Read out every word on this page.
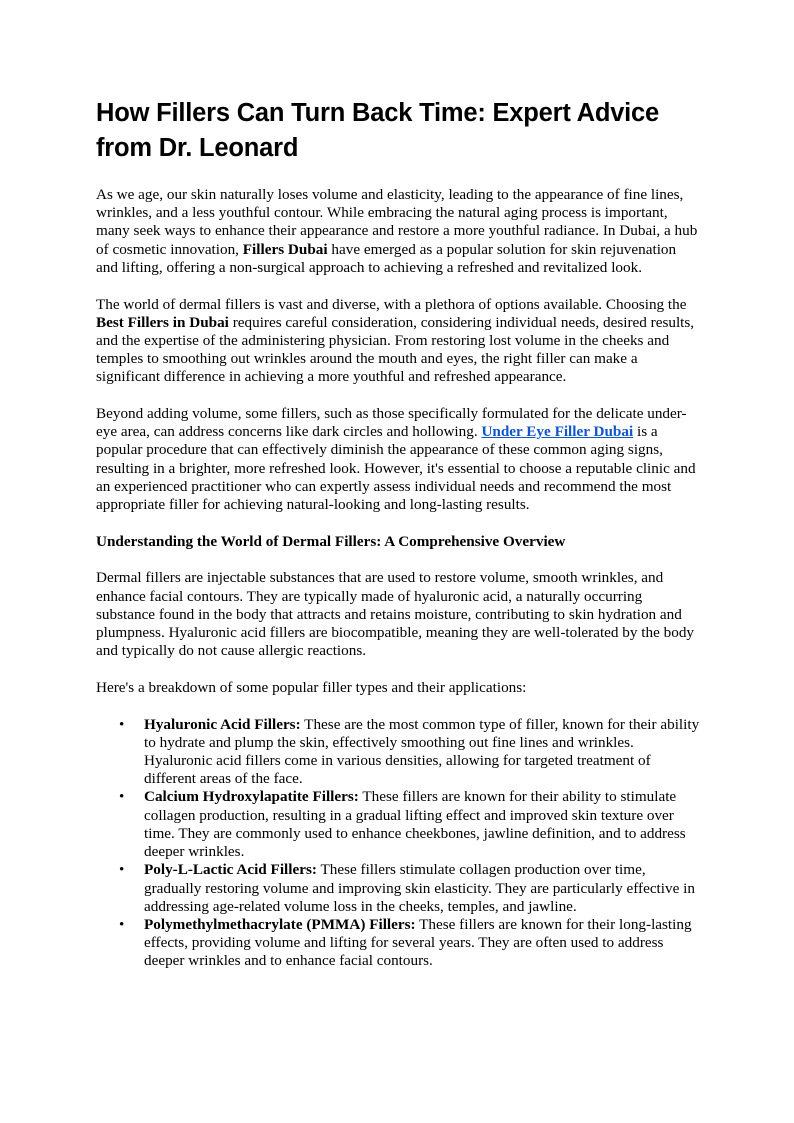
How Fillers Can Turn Back Time: Expert Advice from Dr. Leonard

As we age, our skin naturally loses volume and elasticity, leading to the appearance of fine lines, wrinkles, and a less youthful contour. While embracing the natural aging process is important, many seek ways to enhance their appearance and restore a more youthful radiance. In Dubai, a hub of cosmetic innovation, Fillers Dubai have emerged as a popular solution for skin rejuvenation and lifting, offering a non-surgical approach to achieving a refreshed and revitalized look.

The world of dermal fillers is vast and diverse, with a plethora of options available. Choosing the Best Fillers in Dubai requires careful consideration, considering individual needs, desired results, and the expertise of the administering physician. From restoring lost volume in the cheeks and temples to smoothing out wrinkles around the mouth and eyes, the right filler can make a significant difference in achieving a more youthful and refreshed appearance.

Beyond adding volume, some fillers, such as those specifically formulated for the delicate under-eye area, can address concerns like dark circles and hollowing. Under Eye Filler Dubai is a popular procedure that can effectively diminish the appearance of these common aging signs, resulting in a brighter, more refreshed look. However, it's essential to choose a reputable clinic and an experienced practitioner who can expertly assess individual needs and recommend the most appropriate filler for achieving natural-looking and long-lasting results.

Understanding the World of Dermal Fillers: A Comprehensive Overview

Dermal fillers are injectable substances that are used to restore volume, smooth wrinkles, and enhance facial contours. They are typically made of hyaluronic acid, a naturally occurring substance found in the body that attracts and retains moisture, contributing to skin hydration and plumpness. Hyaluronic acid fillers are biocompatible, meaning they are well-tolerated by the body and typically do not cause allergic reactions.

Here's a breakdown of some popular filler types and their applications:

• Hyaluronic Acid Fillers: These are the most common type of filler, known for their ability to hydrate and plump the skin, effectively smoothing out fine lines and wrinkles. Hyaluronic acid fillers come in various densities, allowing for targeted treatment of different areas of the face.
• Calcium Hydroxylapatite Fillers: These fillers are known for their ability to stimulate collagen production, resulting in a gradual lifting effect and improved skin texture over time. They are commonly used to enhance cheekbones, jawline definition, and to address deeper wrinkles.
• Poly-L-Lactic Acid Fillers: These fillers stimulate collagen production over time, gradually restoring volume and improving skin elasticity. They are particularly effective in addressing age-related volume loss in the cheeks, temples, and jawline.
• Polymethylmethacrylate (PMMA) Fillers: These fillers are known for their long-lasting effects, providing volume and lifting for several years. They are often used to address deeper wrinkles and to enhance facial contours.
